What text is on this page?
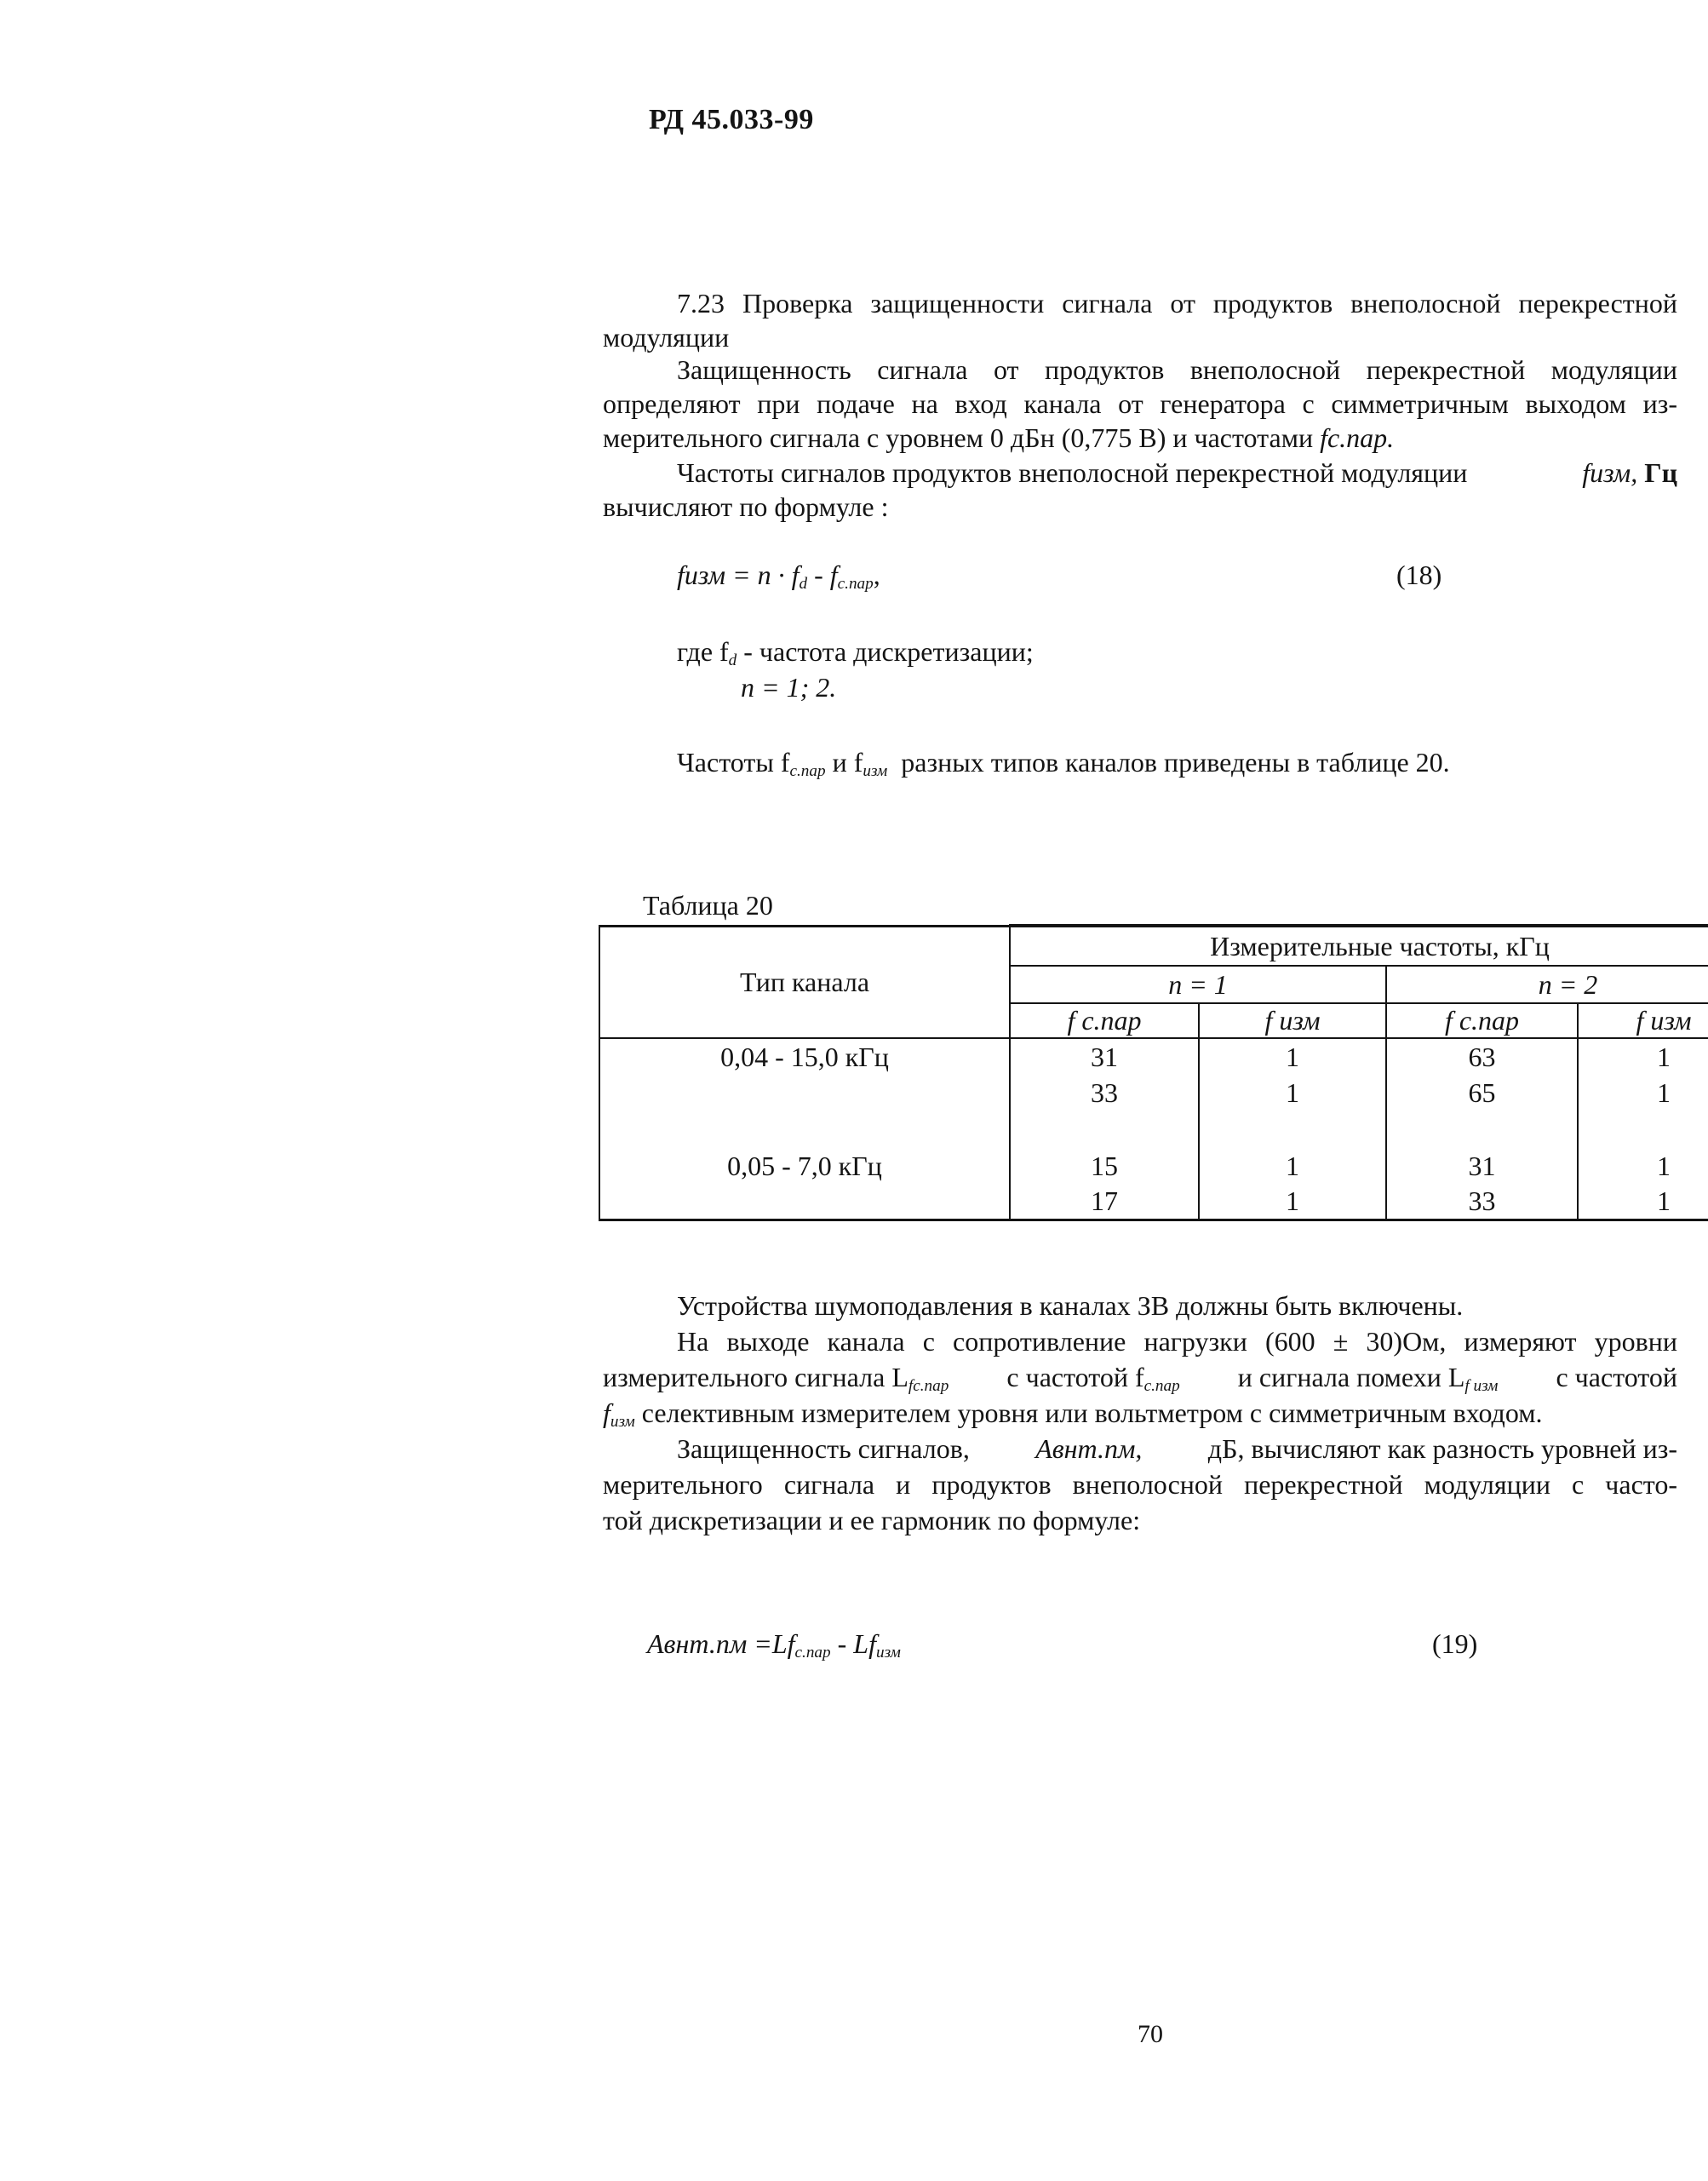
РД 45.033-99
7.23 Проверка защищенности сигнала от продуктов внеполосной перекрестной
модуляции
Защищенность сигнала от продуктов внеполосной перекрестной модуляции
определяют при подаче на вход канала от генератора с симметричным выходом из-
мерительного сигнала с уровнем 0 дБн (0,775 В) и частотами fс.пар.
Частоты сигналов продуктов внеполосной перекрестной модуляции	fизм, Гц
вычисляют по формуле :
fизм = $n \cdot f_d - f_{с.пар}$,	(18)
где $f_d$ - частота дискретизации;
n = 1; 2.
Частоты $f_{с.пар}$ и $f_{изм}$ разных типов каналов приведены в таблице 20.
Таблица 20
Тип канала	Измерительные частоты, кГц			
	n = 1		n = 2	
	f с.пар	f изм	f с.пар	f изм
0,04 - 15,0 кГц	31	1	63	1
	33	1	65	1

0,05 - 7,0 кГц	15	1	31	1
	17	1	33	1
Устройства шумоподавления в каналах ЗВ должны быть включены.
На выходе канала с сопротивление нагрузки (600 ± 30)Ом, измеряют уровни
измерительного сигнала $L_{fс.пар}$ с частотой $f_{с.пар}$ и сигнала помехи $L_{f изм}$ с частотой
$f_{изм}$ селективным измерителем уровня или вольтметром с симметричным входом.
Защищенность сигналов, Авнт.пм, дБ, вычисляют как разность уровней из-
мерительного сигнала и продуктов внеполосной перекрестной модуляции с часто-
той дискретизации и ее гармоник по формуле:
Авнт.пм $=Lf_{с.пар} - Lf_{изм}$	(19)
70
